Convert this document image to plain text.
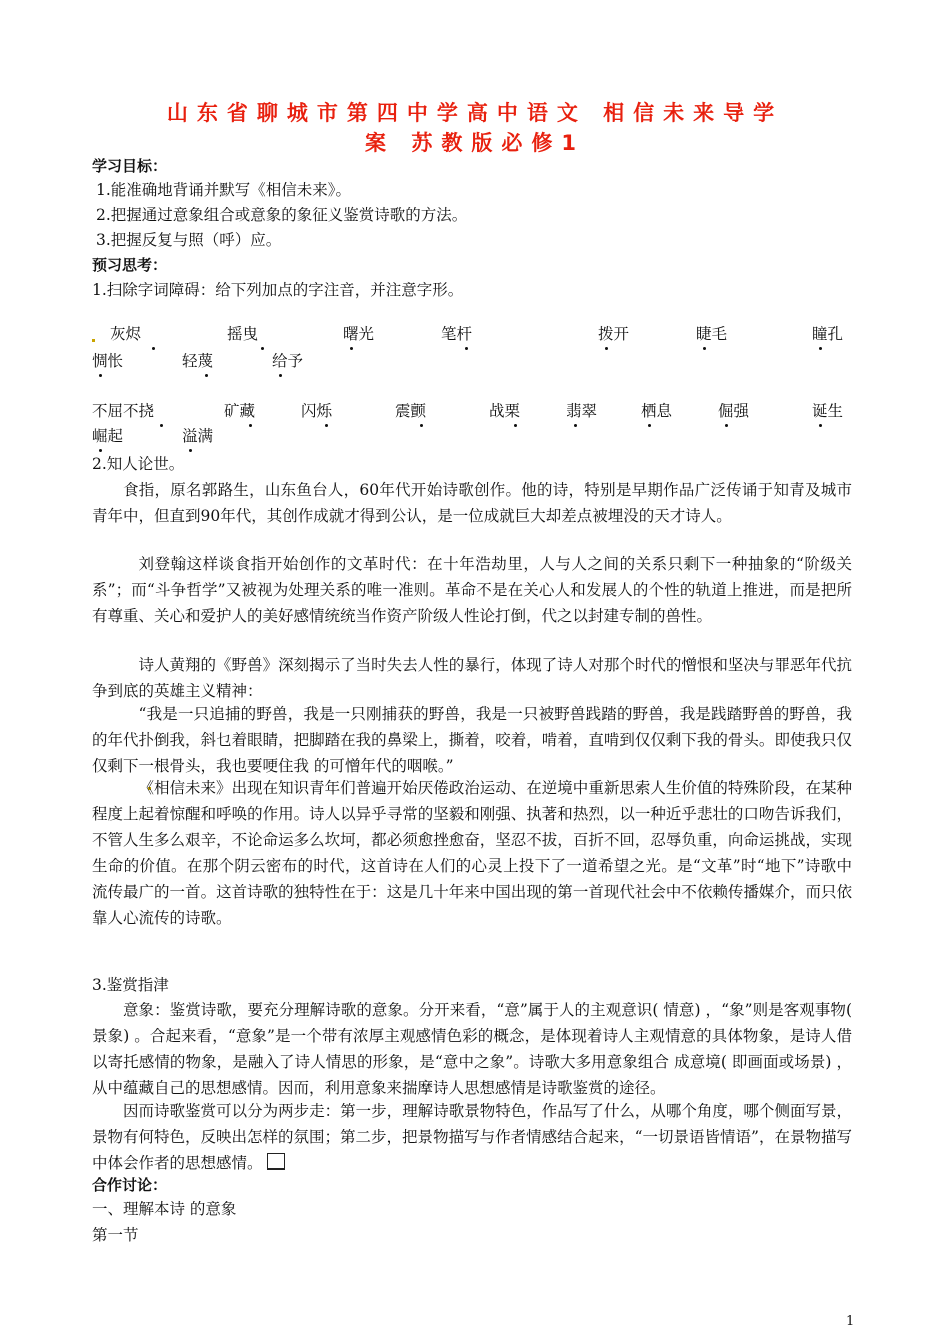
山东省聊城市第四中学高中语文 相信未来导学
案 苏教版必修1
学习目标：
1.能准确地背诵并默写《相信未来》。
2.把握通过意象组合或意象的象征义鉴赏诗歌的方法。
3.把握反复与照（呼）应。
预习思考：
1.扫除字词障碍：给下列加点的字注音，并注意字形。
灰烬	摇曳	曙光	笔杆	拨开	睫毛	瞳孔
惆怅	轻蔑	给予
不屈不挠	矿藏	闪烁	震颤	战栗	翡翠	栖息	倔强	诞生
崛起	溢满
2.知人论世。
食指，原名郭路生，山东鱼台人，60年代开始诗歌创作。他的诗，特别是早期作品广泛传诵于知青及城市青年中，但直到90年代，其创作成就才得到公认，是一位成就巨大却差点被埋没的天才诗人。
刘登翰这样谈食指开始创作的文革时代：在十年浩劫里，人与人之间的关系只剩下一种抽象的“阶级关系”；而“斗争哲学”又被视为处理关系的唯一准则。革命不是在关心人和发展人的个性的轨道上推进，而是把所有尊重、关心和爱护人的美好感情统统当作资产阶级人性论打倒，代之以封建专制的兽性。
诗人黄翔的《野兽》深刻揭示了当时失去人性的暴行，体现了诗人对那个时代的憎恨和坚决与罪恶年代抗争到底的英雄主义精神：
“我是一只追捕的野兽，我是一只刚捕获的野兽，我是一只被野兽践踏的野兽，我是践踏野兽的野兽，我的年代扑倒我，斜乜着眼睛，把脚踏在我的鼻梁上，撕着，咬着，啃着，直啃到仅仅剩下我的骨头。即使我只仅仅剩下一根骨头，我也要哽住我 的可憎年代的咽喉。”
《相信未来》出现在知识青年们普遍开始厌倦政治运动、在逆境中重新思索人生价值的特殊阶段，在某种程度上起着惊醒和呼唤的作用。诗人以异乎寻常的坚毅和刚强、执著和热烈，以一种近乎悲壮的口吻告诉我们，不管人生多么艰辛，不论命运多么坎坷，都必须愈挫愈奋，坚忍不拔，百折不回，忍辱负重，向命运挑战，实现生命的价值。在那个阴云密布的时代，这首诗在人们的心灵上投下了一道希望之光。是“文革”时“地下”诗歌中流传最广的一首。这首诗歌的独特性在于：这是几十年来中国出现的第一首现代社会中不依赖传播媒介，而只依靠人心流传的诗歌。
3.鉴赏指津
意象：鉴赏诗歌，要充分理解诗歌的意象。分开来看，“意”属于人的主观意识( 情意) ，“象”则是客观事物( 景象) 。合起来看，“意象”是一个带有浓厚主观感情色彩的概念，是体现着诗人主观情意的具体物象，是诗人借以寄托感情的物象，是融入了诗人情思的形象，是“意中之象”。诗歌大多用意象组合 成意境( 即画面或场景) ，从中蕴藏自己的思想感情。因而，利用意象来揣摩诗人思想感情是诗歌鉴赏的途径。
因而诗歌鉴赏可以分为两步走：第一步，理解诗歌景物特色，作品写了什么，从哪个角度，哪个侧面写景，景物有何特色，反映出怎样的氛围；第二步，把景物描写与作者情感结合起来，“一切景语皆情语”，在景物描写中体会作者的思想感情。
合作讨论：
一、理解本诗 的意象
第一节
1
